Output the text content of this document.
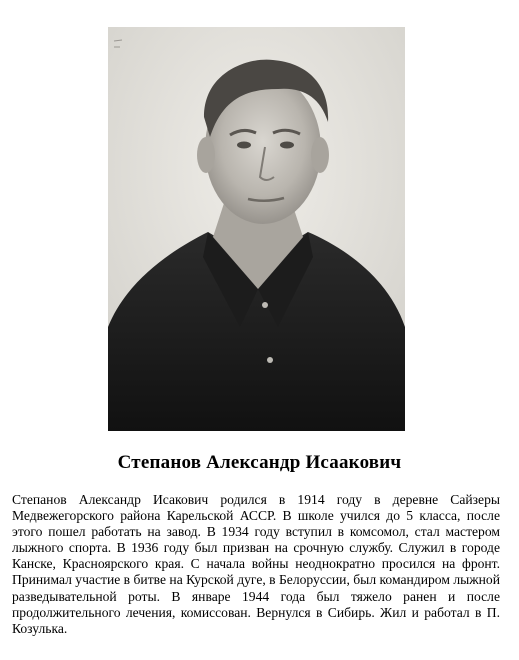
Степанов Александр Исаакович
Степанов Александр Исакович родился в 1914 году в деревне Сайзеры Медвежегорского района Карельской АССР. В школе учился до 5 класса, после этого пошел работать на завод. В 1934 году вступил в комсомол, стал мастером лыжного спорта. В 1936 году был призван на срочную службу. Служил в городе Канске, Красноярского края. С начала войны неоднократно просился на фронт. Принимал участие в битве на Курской дуге, в Белоруссии, был командиром лыжной разведывательной роты. В январе 1944 года был тяжело ранен и после продолжительного лечения, комиссован. Вернулся в Сибирь. Жил и работал в П. Козулька.
